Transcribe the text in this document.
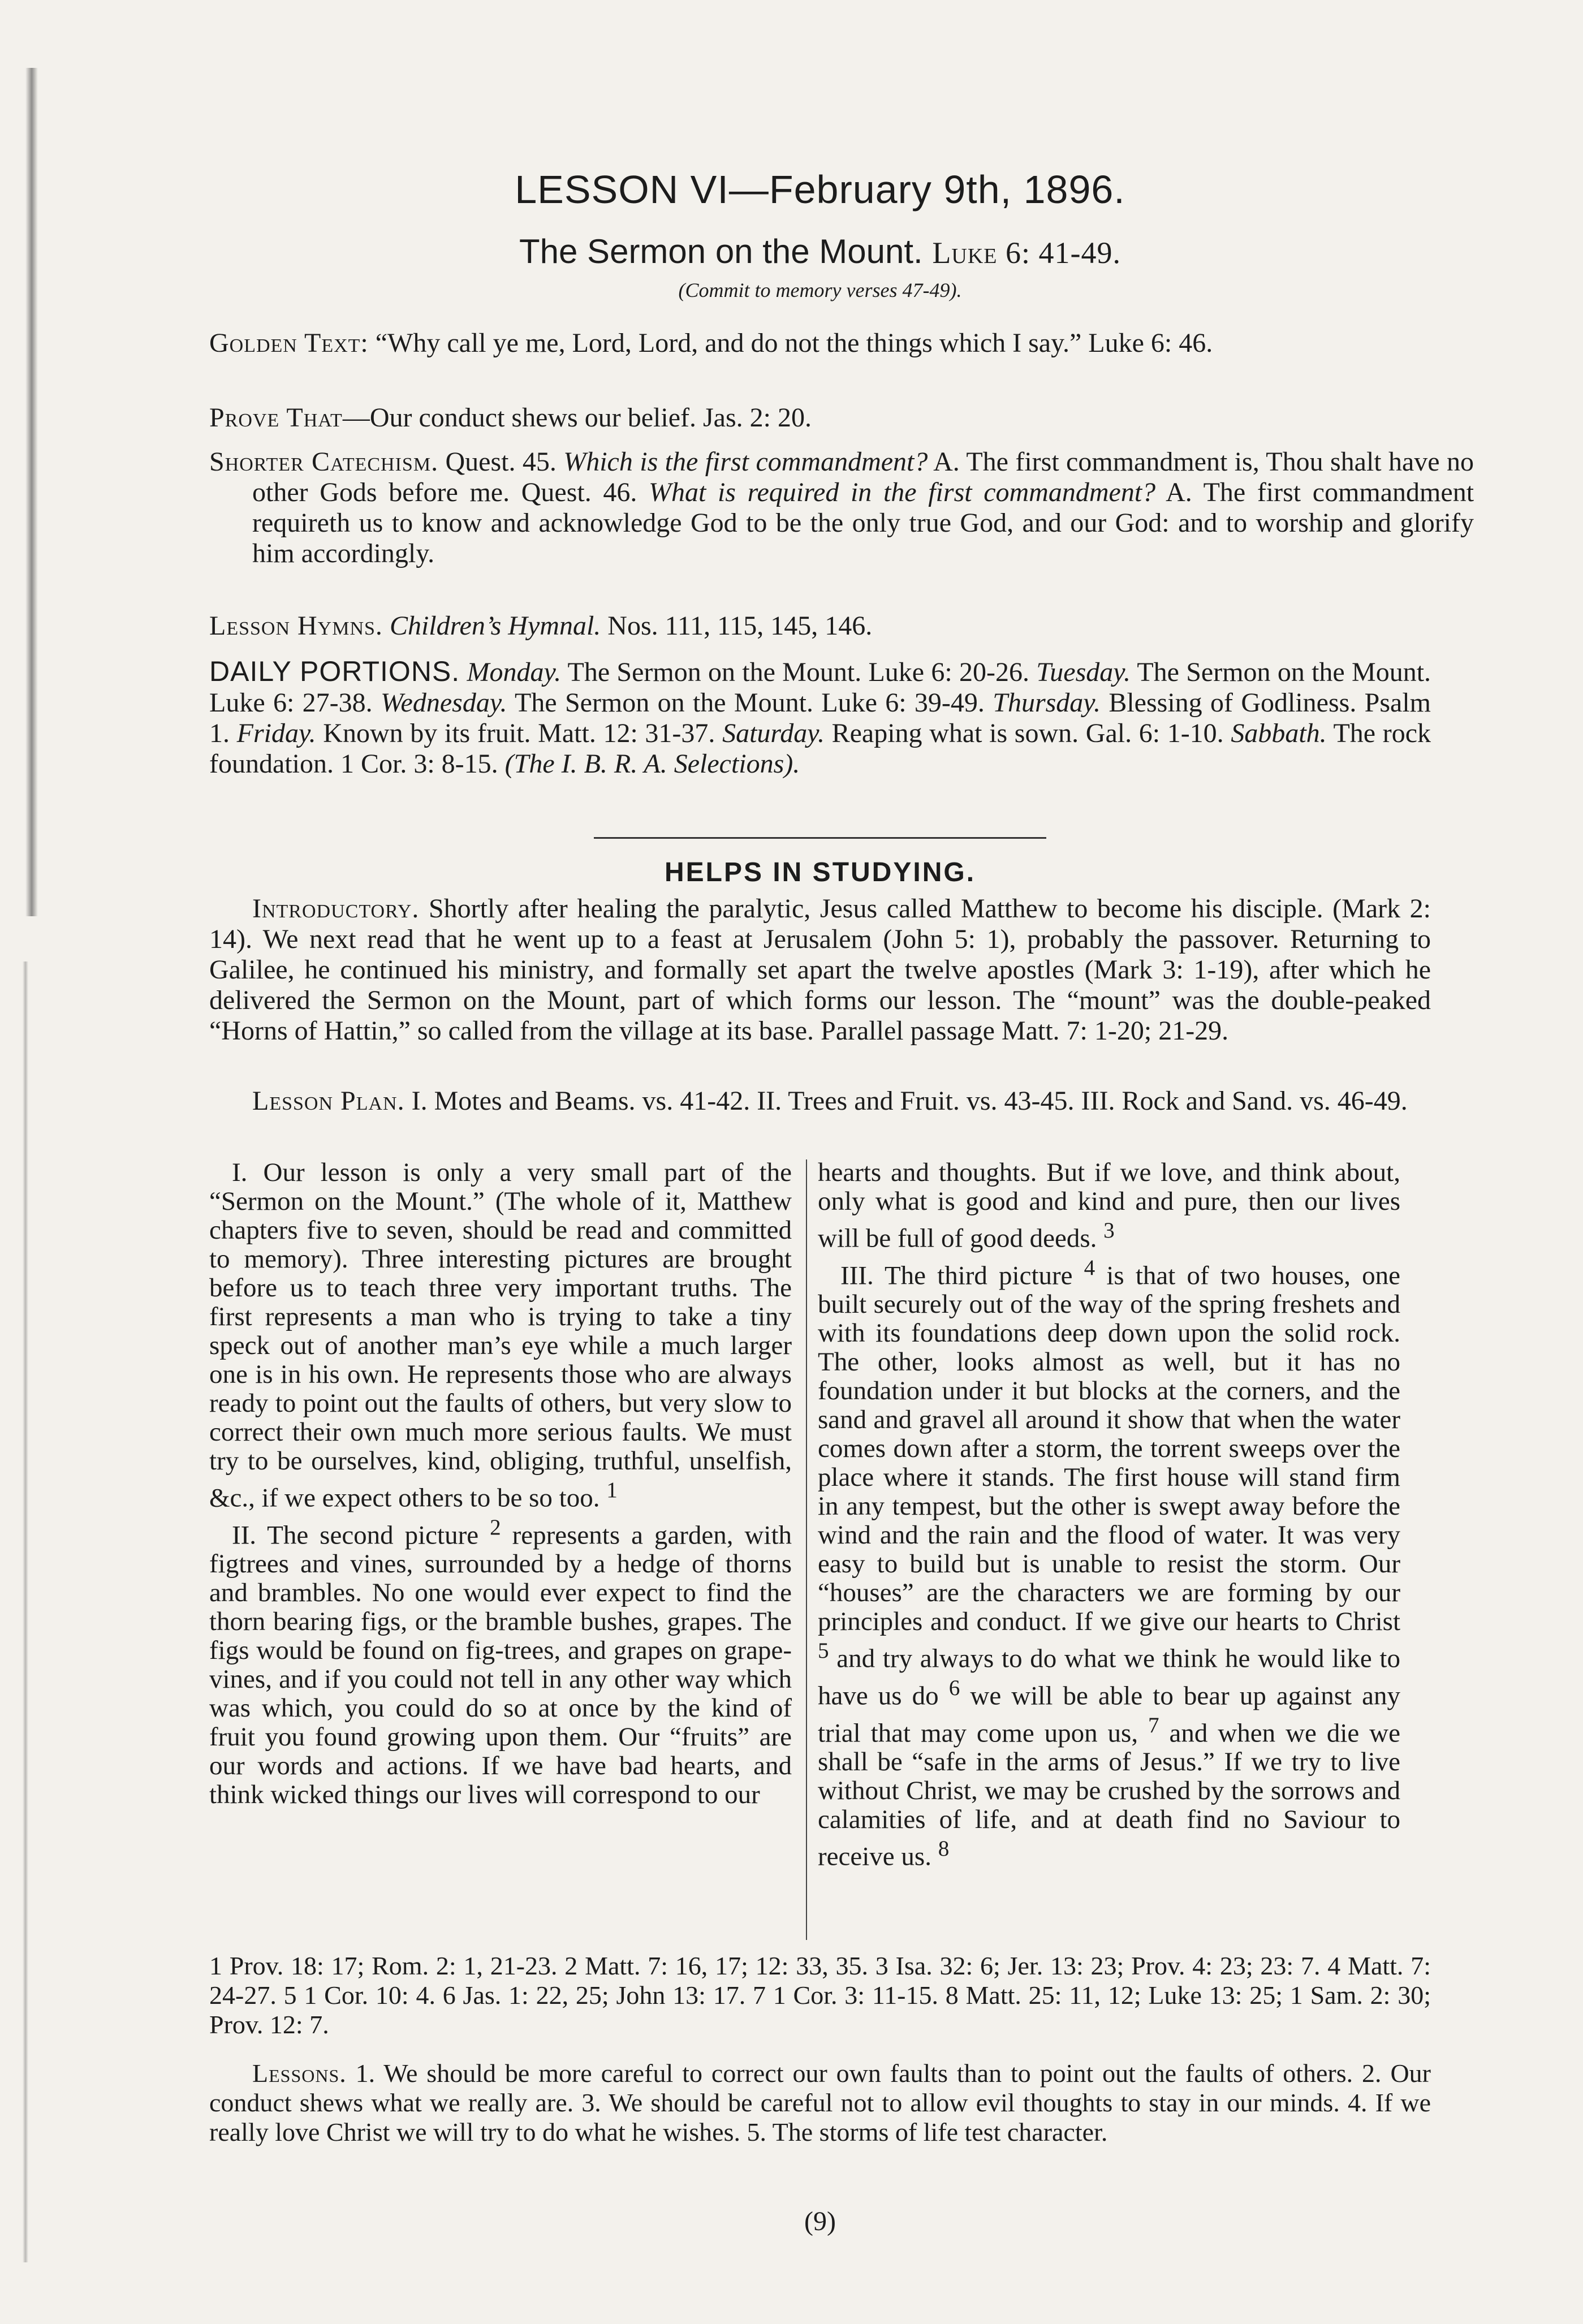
LESSON VI—February 9th, 1896.
The Sermon on the Mount. Luke 6: 41-49.
(Commit to memory verses 47-49).
Golden Text: “Why call ye me, Lord, Lord, and do not the things which I say.” Luke 6: 46.
Prove That—Our conduct shews our belief. Jas. 2: 20.
Shorter Catechism. Quest. 45. Which is the first commandment? A. The first commandment is, Thou shalt have no other Gods before me. Quest. 46. What is required in the first commandment? A. The first commandment requireth us to know and acknowledge God to be the only true God, and our God: and to worship and glorify him accordingly.
Lesson Hymns. Children’s Hymnal. Nos. 111, 115, 145, 146.
DAILY PORTIONS. Monday. The Sermon on the Mount. Luke 6: 20-26. Tuesday. The Sermon on the Mount. Luke 6: 27-38. Wednesday. The Sermon on the Mount. Luke 6: 39-49. Thursday. Blessing of Godliness. Psalm 1. Friday. Known by its fruit. Matt. 12: 31-37. Saturday. Reaping what is sown. Gal. 6: 1-10. Sabbath. The rock foundation. 1 Cor. 3: 8-15. (The I. B. R. A. Selections).
HELPS IN STUDYING.
Introductory. Shortly after healing the paralytic, Jesus called Matthew to become his disciple. (Mark 2: 14). We next read that he went up to a feast at Jerusalem (John 5: 1), probably the passover. Returning to Galilee, he continued his ministry, and formally set apart the twelve apostles (Mark 3: 1-19), after which he delivered the Sermon on the Mount, part of which forms our lesson. The “mount” was the double-peaked “Horns of Hattin,” so called from the village at its base. Parallel passage Matt. 7: 1-20; 21-29.
Lesson Plan. I. Motes and Beams. vs. 41-42. II. Trees and Fruit. vs. 43-45. III. Rock and Sand. vs. 46-49.

I. Our lesson is only a very small part of the “Sermon on the Mount.” (The whole of it, Matthew chapters five to seven, should be read and committed to memory). Three interesting pictures are brought before us to teach three very important truths. The first represents a man who is trying to take a tiny speck out of another man’s eye while a much larger one is in his own. He represents those who are always ready to point out the faults of others, but very slow to correct their own much more serious faults. We must try to be ourselves, kind, obliging, truthful, unselfish, &c., if we expect others to be so too. $^1$

II. The second picture $^2$ represents a garden, with figtrees and vines, surrounded by a hedge of thorns and brambles. No one would ever expect to find the thorn bearing figs, or the bramble bushes, grapes. The figs would be found on fig-trees, and grapes on grape-vines, and if you could not tell in any other way which was which, you could do so at once by the kind of fruit you found growing upon them. Our “fruits” are our words and actions. If we have bad hearts, and think wicked things our lives will correspond to our

hearts and thoughts. But if we love, and think about, only what is good and kind and pure, then our lives will be full of good deeds. $^3$

III. The third picture $^4$ is that of two houses, one built securely out of the way of the spring freshets and with its foundations deep down upon the solid rock. The other, looks almost as well, but it has no foundation under it but blocks at the corners, and the sand and gravel all around it show that when the water comes down after a storm, the torrent sweeps over the place where it stands. The first house will stand firm in any tempest, but the other is swept away before the wind and the rain and the flood of water. It was very easy to build but is unable to resist the storm. Our “houses” are the characters we are forming by our principles and conduct. If we give our hearts to Christ $^5$ and try always to do what we think he would like to have us do $^6$ we will be able to bear up against any trial that may come upon us, $^7$ and when we die we shall be “safe in the arms of Jesus.” If we try to live without Christ, we may be crushed by the sorrows and calamities of life, and at death find no Saviour to receive us. $^8$

1 Prov. 18: 17; Rom. 2: 1, 21-23. 2 Matt. 7: 16, 17; 12: 33, 35. 3 Isa. 32: 6; Jer. 13: 23; Prov. 4: 23; 23: 7. 4 Matt. 7: 24-27. 5 1 Cor. 10: 4. 6 Jas. 1: 22, 25; John 13: 17. 7 1 Cor. 3: 11-15. 8 Matt. 25: 11, 12; Luke 13: 25; 1 Sam. 2: 30; Prov. 12: 7.
Lessons. 1. We should be more careful to correct our own faults than to point out the faults of others. 2. Our conduct shews what we really are. 3. We should be careful not to allow evil thoughts to stay in our minds. 4. If we really love Christ we will try to do what he wishes. 5. The storms of life test character.
(9)
